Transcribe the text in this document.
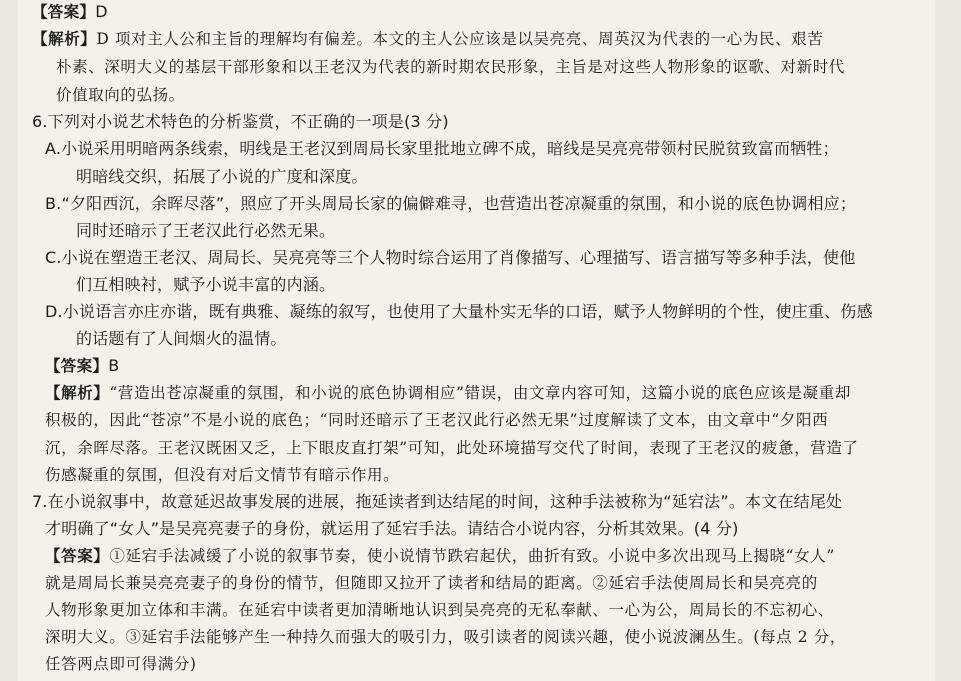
【答案】D
【解析】D 项对主人公和主旨的理解均有偏差。本文的主人公应该是以吴亮亮、周英汉为代表的一心为民、艰苦
朴素、深明大义的基层干部形象和以王老汉为代表的新时期农民形象，主旨是对这些人物形象的讴歌、对新时代
价值取向的弘扬。
6.下列对小说艺术特色的分析鉴赏，不正确的一项是(3 分)
A.小说采用明暗两条线索，明线是王老汉到周局长家里批地立碑不成，暗线是吴亮亮带领村民脱贫致富而牺牲；
明暗线交织，拓展了小说的广度和深度。
B.“夕阳西沉，余晖尽落”，照应了开头周局长家的偏僻难寻，也营造出苍凉凝重的氛围，和小说的底色协调相应；
同时还暗示了王老汉此行必然无果。
C.小说在塑造王老汉、周局长、吴亮亮等三个人物时综合运用了肖像描写、心理描写、语言描写等多种手法，使他
们互相映衬，赋予小说丰富的内涵。
D.小说语言亦庄亦谐，既有典雅、凝练的叙写，也使用了大量朴实无华的口语，赋予人物鲜明的个性，使庄重、伤感
的话题有了人间烟火的温情。
【答案】B
【解析】“营造出苍凉凝重的氛围，和小说的底色协调相应”错误，由文章内容可知，这篇小说的底色应该是凝重却
积极的，因此“苍凉”不是小说的底色；“同时还暗示了王老汉此行必然无果”过度解读了文本，由文章中“夕阳西
沉，余晖尽落。王老汉既困又乏，上下眼皮直打架”可知，此处环境描写交代了时间，表现了王老汉的疲惫，营造了
伤感凝重的氛围，但没有对后文情节有暗示作用。
7.在小说叙事中，故意延迟故事发展的进展，拖延读者到达结尾的时间，这种手法被称为“延宕法”。本文在结尾处
才明确了“女人”是吴亮亮妻子的身份，就运用了延宕手法。请结合小说内容，分析其效果。(4 分)
【答案】①延宕手法减缓了小说的叙事节奏，使小说情节跌宕起伏，曲折有致。小说中多次出现马上揭晓“女人”
就是周局长兼吴亮亮妻子的身份的情节，但随即又拉开了读者和结局的距离。②延宕手法使周局长和吴亮亮的
人物形象更加立体和丰满。在延宕中读者更加清晰地认识到吴亮亮的无私奉献、一心为公，周局长的不忘初心、
深明大义。③延宕手法能够产生一种持久而强大的吸引力，吸引读者的阅读兴趣，使小说波澜丛生。(每点 2 分，
任答两点即可得满分)
